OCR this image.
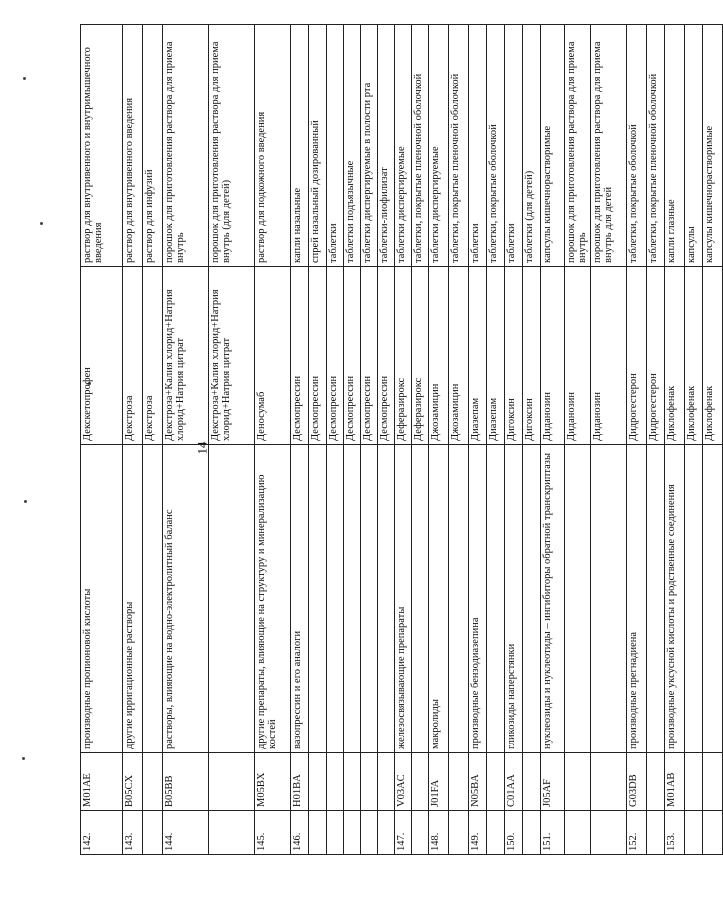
14
142.	M01AE	производные пропионовой кислоты	Декскетопрофен	раствор для внутривенного и внутримышечного введения
143.	B05CX	другие ирригационные растворы	Декстроза	раствор для внутривенного введения
			Декстроза	раствор для инфузий
144.	B05BB	растворы, влияющие на водно-электролитный баланс	Декстроза+Калия хлорид+Натрия хлорид+Натрия цитрат	порошок для приготовления раствора для приема внутрь
			Декстроза+Калия хлорид+Натрия хлорид+Натрия цитрат	порошок для приготовления раствора для приема внутрь (для детей)
145.	M05BX	другие препараты, влияющие на структуру и минерализацию костей	Деносумаб	раствор для подкожного введения
146.	H01BA	вазопрессин и его аналоги	Десмопрессин	капли назальные
			Десмопрессин	спрей назальный дозированный
			Десмопрессин	таблетки
			Десмопрессин	таблетки подъязычные
			Десмопрессин	таблетки диспергируемые в полости рта
			Десмопрессин	таблетки-лиофилизат
147.	V03AC	железосвязывающие препараты	Деферазирокс	таблетки диспергируемые
			Деферазирокс	таблетки, покрытые пленочной оболочкой
148.	J01FA	макролиды	Джозамицин	таблетки диспергируемые
			Джозамицин	таблетки, покрытые пленочной оболочкой
149.	N05BA	производные бензодиазепина	Диазепам	таблетки
			Диазепам	таблетки, покрытые оболочкой
150.	C01AA	гликозиды наперстянки	Дигоксин	таблетки
			Дигоксин	таблетки (для детей)
151.	J05AF	нуклеозиды и нуклеотиды – ингибиторы обратной транскриптазы	Диданозин	капсулы кишечнорастворимые
			Диданозин	порошок для приготовления раствора для приема внутрь
			Диданозин	порошок для приготовления раствора для приема внутрь для детей
152.	G03DB	производные прегнадиена	Дидрогестерон	таблетки, покрытые оболочкой
			Дидрогестерон	таблетки, покрытые пленочной оболочкой
153.	M01AB	производные уксусной кислоты и родственные соединения	Диклофенак	капли глазные
			Диклофенак	капсулы
			Диклофенак	капсулы кишечнорастворимые
